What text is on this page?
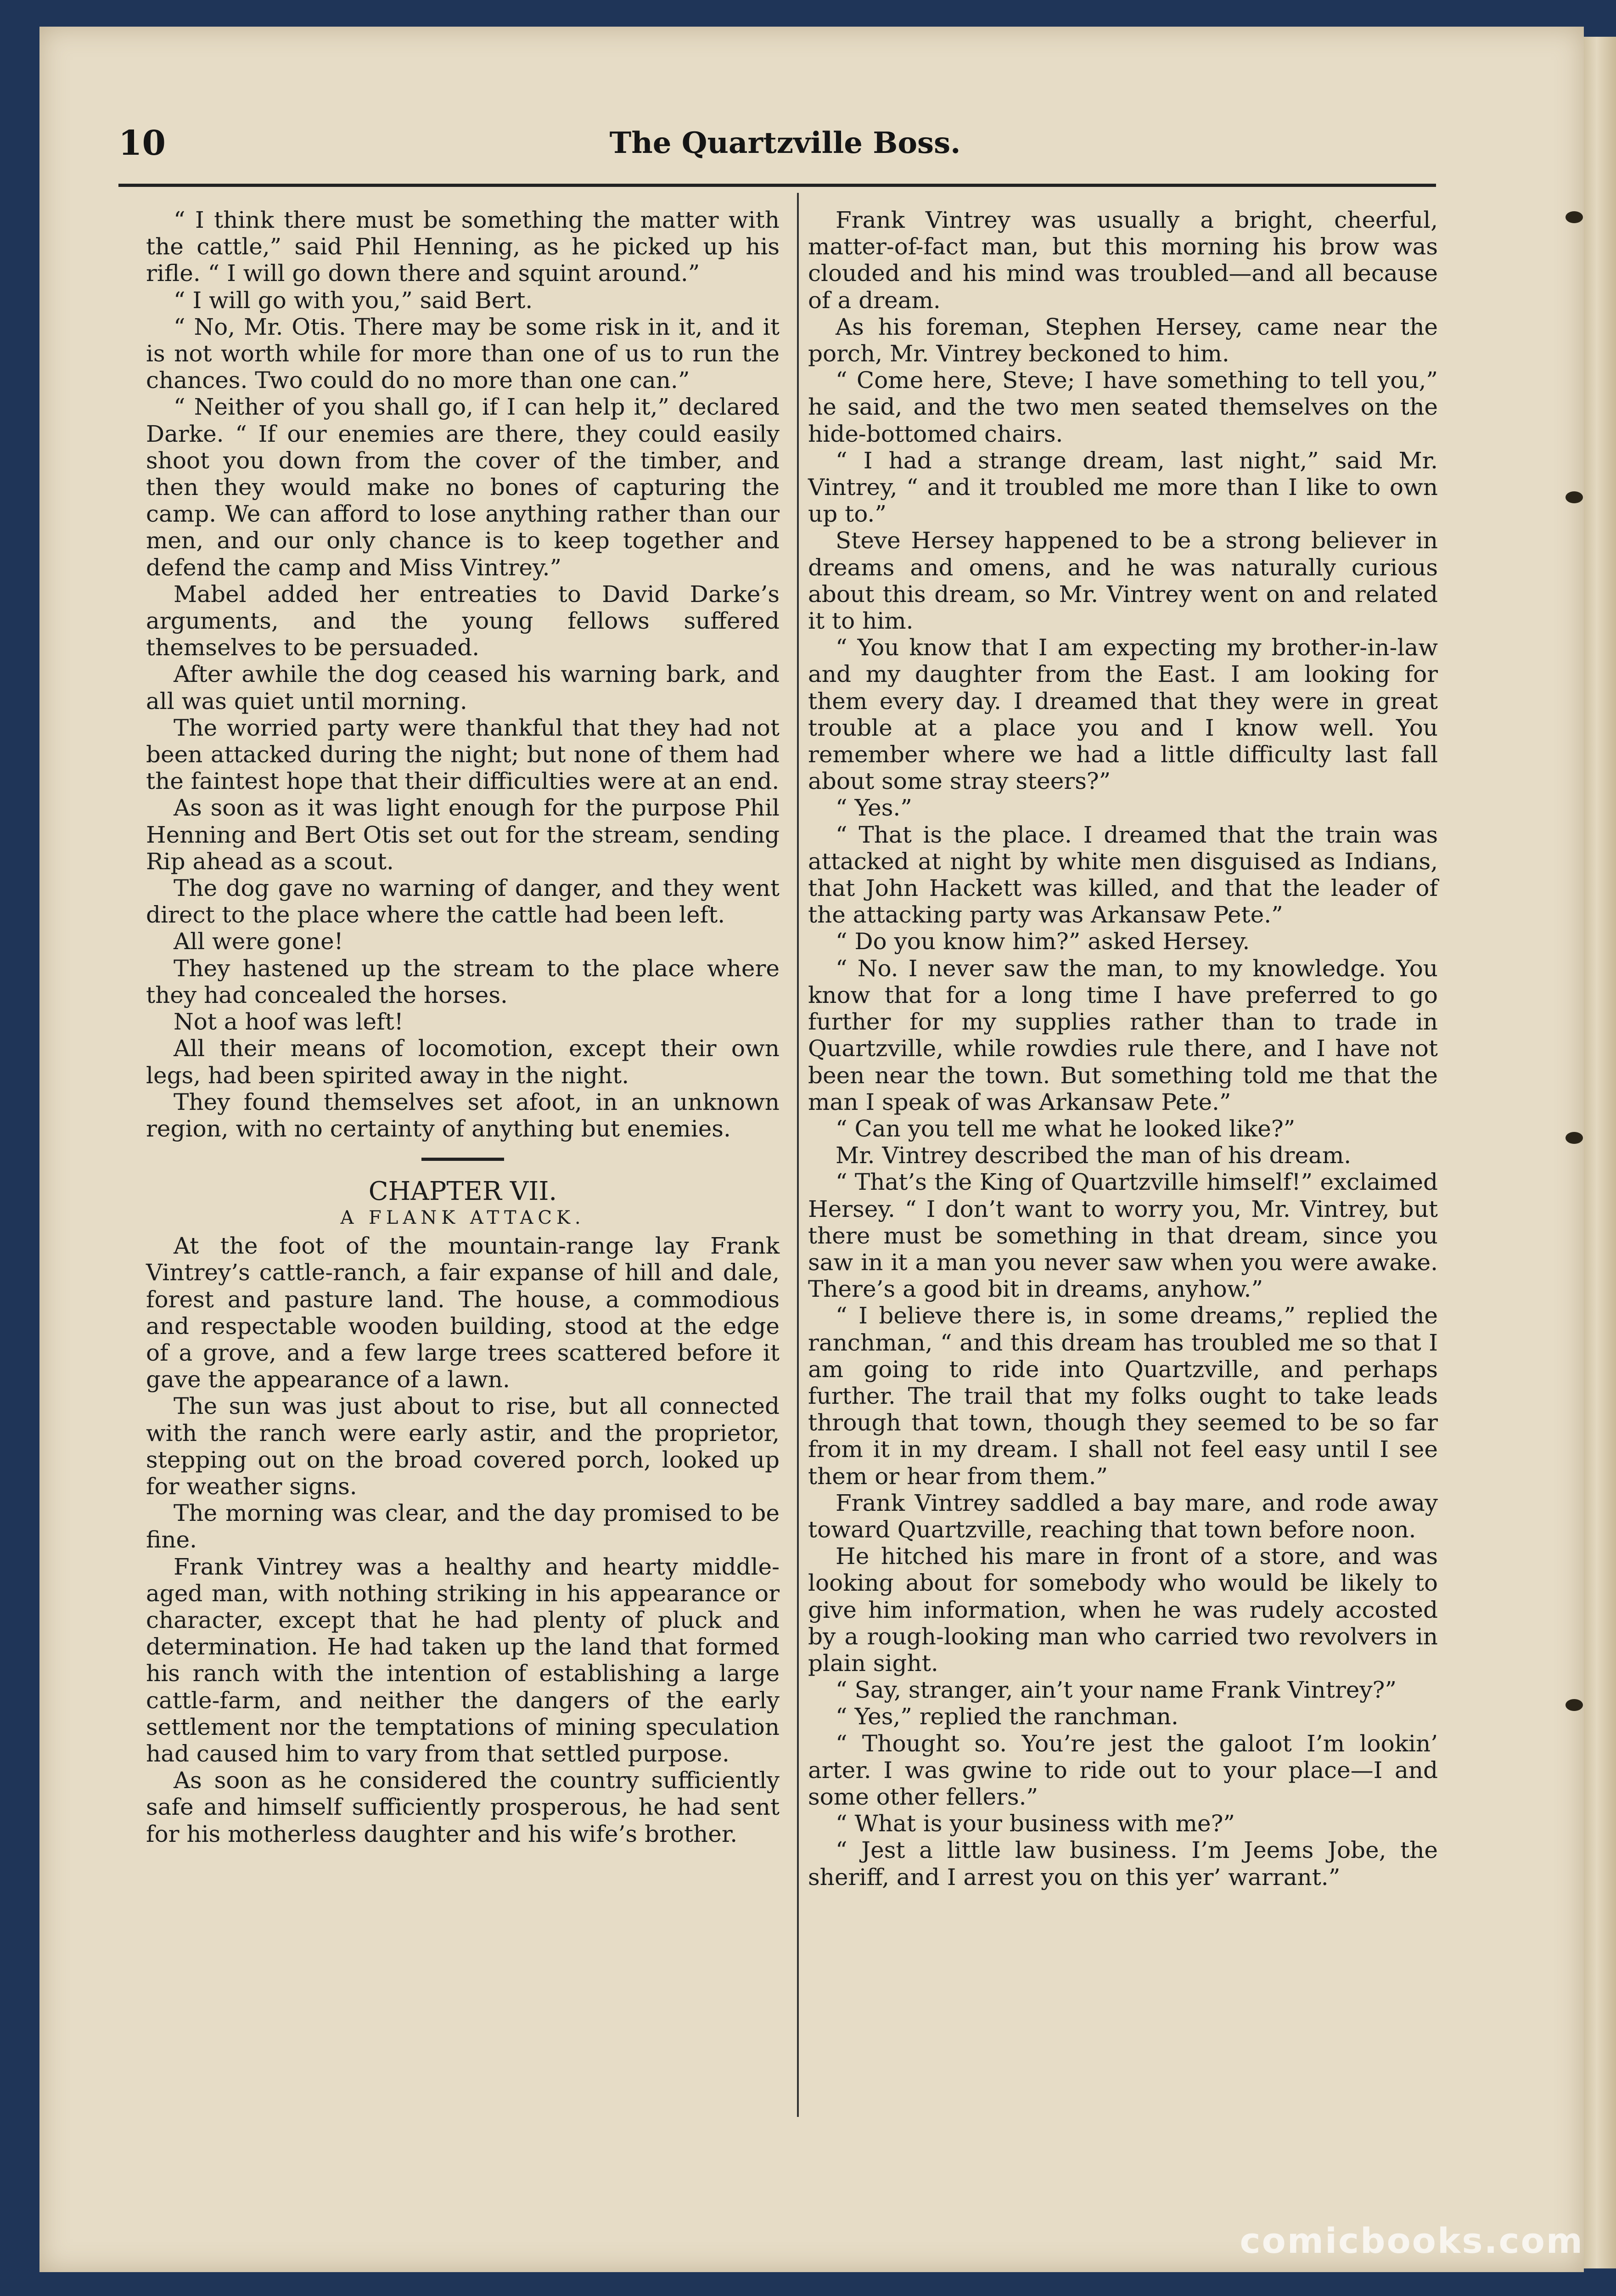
10	The Quartzville Boss.

“ I think there must be something the matter with the cattle,” said Phil Henning, as he picked up his rifle. “ I will go down there and squint around.”

“ I will go with you,” said Bert.

“ No, Mr. Otis. There may be some risk in it, and it is not worth while for more than one of us to run the chances. Two could do no more than one can.”

“ Neither of you shall go, if I can help it,” declared Darke. “ If our enemies are there, they could easily shoot you down from the cover of the timber, and then they would make no bones of capturing the camp. We can afford to lose anything rather than our men, and our only chance is to keep together and defend the camp and Miss Vintrey.”

Mabel added her entreaties to David Darke’s arguments, and the young fellows suffered themselves to be persuaded.

After awhile the dog ceased his warning bark, and all was quiet until morning.

The worried party were thankful that they had not been attacked during the night; but none of them had the faintest hope that their difficulties were at an end.

As soon as it was light enough for the purpose Phil Henning and Bert Otis set out for the stream, sending Rip ahead as a scout.

The dog gave no warning of danger, and they went direct to the place where the cattle had been left.

All were gone!

They hastened up the stream to the place where they had concealed the horses.

Not a hoof was left!

All their means of locomotion, except their own legs, had been spirited away in the night.

They found themselves set afoot, in an unknown region, with no certainty of anything but enemies.

CHAPTER VII.

A FLANK ATTACK.

At the foot of the mountain-range lay Frank Vintrey’s cattle-ranch, a fair expanse of hill and dale, forest and pasture land. The house, a commodious and respectable wooden building, stood at the edge of a grove, and a few large trees scattered before it gave the appearance of a lawn.

The sun was just about to rise, but all connected with the ranch were early astir, and the proprietor, stepping out on the broad covered porch, looked up for weather signs.

The morning was clear, and the day promised to be fine.

Frank Vintrey was a healthy and hearty middle-aged man, with nothing striking in his appearance or character, except that he had plenty of pluck and determination. He had taken up the land that formed his ranch with the intention of establishing a large cattle-farm, and neither the dangers of the early settlement nor the temptations of mining speculation had caused him to vary from that settled purpose.

As soon as he considered the country sufficiently safe and himself sufficiently prosperous, he had sent for his motherless daughter and his wife’s brother.

Frank Vintrey was usually a bright, cheerful, matter-of-fact man, but this morning his brow was clouded and his mind was troubled—and all because of a dream.

As his foreman, Stephen Hersey, came near the porch, Mr. Vintrey beckoned to him.

“ Come here, Steve; I have something to tell you,” he said, and the two men seated themselves on the hide-bottomed chairs.

“ I had a strange dream, last night,” said Mr. Vintrey, “ and it troubled me more than I like to own up to.”

Steve Hersey happened to be a strong believer in dreams and omens, and he was naturally curious about this dream, so Mr. Vintrey went on and related it to him.

“ You know that I am expecting my brother-in-law and my daughter from the East. I am looking for them every day. I dreamed that they were in great trouble at a place you and I know well. You remember where we had a little difficulty last fall about some stray steers?”

“ Yes.”

“ That is the place. I dreamed that the train was attacked at night by white men disguised as Indians, that John Hackett was killed, and that the leader of the attacking party was Arkansaw Pete.”

“ Do you know him?” asked Hersey.

“ No. I never saw the man, to my knowledge. You know that for a long time I have preferred to go further for my supplies rather than to trade in Quartzville, while rowdies rule there, and I have not been near the town. But something told me that the man I speak of was Arkansaw Pete.”

“ Can you tell me what he looked like?”

Mr. Vintrey described the man of his dream.

“ That’s the King of Quartzville himself!” exclaimed Hersey. “ I don’t want to worry you, Mr. Vintrey, but there must be something in that dream, since you saw in it a man you never saw when you were awake. There’s a good bit in dreams, anyhow.”

“ I believe there is, in some dreams,” replied the ranchman, “ and this dream has troubled me so that I am going to ride into Quartzville, and perhaps further. The trail that my folks ought to take leads through that town, though they seemed to be so far from it in my dream. I shall not feel easy until I see them or hear from them.”

Frank Vintrey saddled a bay mare, and rode away toward Quartzville, reaching that town before noon.

He hitched his mare in front of a store, and was looking about for somebody who would be likely to give him information, when he was rudely accosted by a rough-looking man who carried two revolvers in plain sight.

“ Say, stranger, ain’t your name Frank Vintrey?”

“ Yes,” replied the ranchman.

“ Thought so. You’re jest the galoot I’m lookin’ arter. I was gwine to ride out to your place—I and some other fellers.”

“ What is your business with me?”

“ Jest a little law business. I’m Jeems Jobe, the sheriff, and I arrest you on this yer’ warrant.”

comicbooks.com
